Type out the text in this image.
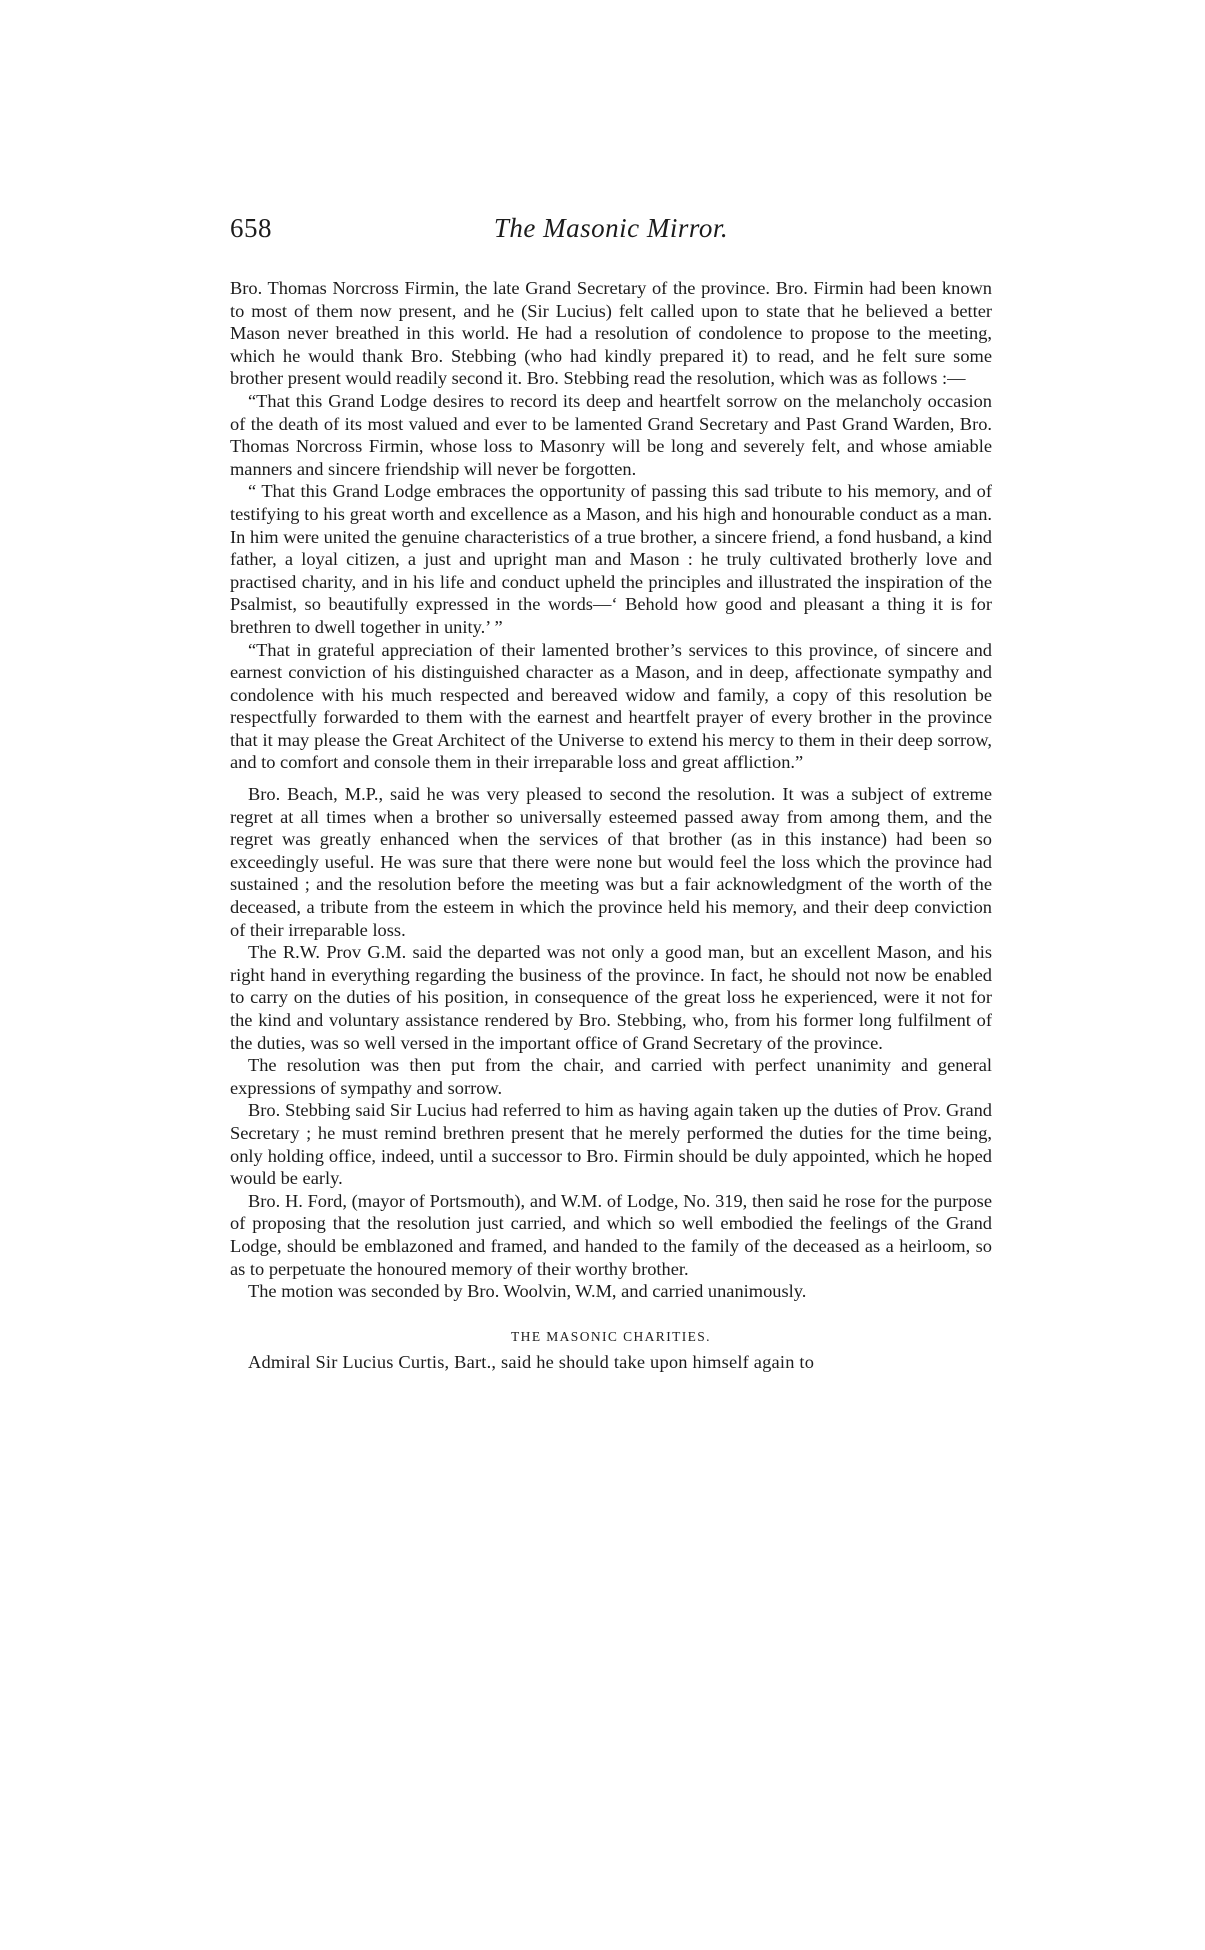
658	The Masonic Mirror.

Bro. Thomas Norcross Firmin, the late Grand Secretary of the province. Bro. Firmin had been known to most of them now present, and he (Sir Lucius) felt called upon to state that he believed a better Mason never breathed in this world. He had a resolution of condolence to propose to the meeting, which he would thank Bro. Stebbing (who had kindly prepared it) to read, and he felt sure some brother present would readily second it. Bro. Stebbing read the resolution, which was as follows :—

“That this Grand Lodge desires to record its deep and heartfelt sorrow on the melancholy occasion of the death of its most valued and ever to be lamented Grand Secretary and Past Grand Warden, Bro. Thomas Norcross Firmin, whose loss to Masonry will be long and severely felt, and whose amiable manners and sincere friendship will never be forgotten.

“ That this Grand Lodge embraces the opportunity of passing this sad tribute to his memory, and of testifying to his great worth and excellence as a Mason, and his high and honourable conduct as a man. In him were united the genuine characteristics of a true brother, a sincere friend, a fond husband, a kind father, a loyal citizen, a just and upright man and Mason : he truly cultivated brotherly love and practised charity, and in his life and conduct upheld the principles and illustrated the inspiration of the Psalmist, so beautifully expressed in the words—‘ Behold how good and pleasant a thing it is for brethren to dwell together in unity.’ ”

“That in grateful appreciation of their lamented brother’s services to this province, of sincere and earnest conviction of his distinguished character as a Mason, and in deep, affectionate sympathy and condolence with his much respected and bereaved widow and family, a copy of this resolution be respectfully forwarded to them with the earnest and heartfelt prayer of every brother in the province that it may please the Great Architect of the Universe to extend his mercy to them in their deep sorrow, and to comfort and console them in their irreparable loss and great affliction.”

Bro. Beach, M.P., said he was very pleased to second the resolution. It was a subject of extreme regret at all times when a brother so universally esteemed passed away from among them, and the regret was greatly enhanced when the services of that brother (as in this instance) had been so exceedingly useful. He was sure that there were none but would feel the loss which the province had sustained ; and the resolution before the meeting was but a fair acknowledgment of the worth of the deceased, a tribute from the esteem in which the province held his memory, and their deep conviction of their irreparable loss.

The R.W. Prov G.M. said the departed was not only a good man, but an excellent Mason, and his right hand in everything regarding the business of the province. In fact, he should not now be enabled to carry on the duties of his position, in consequence of the great loss he experienced, were it not for the kind and voluntary assistance rendered by Bro. Stebbing, who, from his former long fulfilment of the duties, was so well versed in the important office of Grand Secretary of the province.

The resolution was then put from the chair, and carried with perfect unanimity and general expressions of sympathy and sorrow.

Bro. Stebbing said Sir Lucius had referred to him as having again taken up the duties of Prov. Grand Secretary ; he must remind brethren present that he merely performed the duties for the time being, only holding office, indeed, until a successor to Bro. Firmin should be duly appointed, which he hoped would be early.

Bro. H. Ford, (mayor of Portsmouth), and W.M. of Lodge, No. 319, then said he rose for the purpose of proposing that the resolution just carried, and which so well embodied the feelings of the Grand Lodge, should be emblazoned and framed, and handed to the family of the deceased as a heirloom, so as to perpetuate the honoured memory of their worthy brother.

The motion was seconded by Bro. Woolvin, W.M, and carried unanimously.

THE MASONIC CHARITIES.

Admiral Sir Lucius Curtis, Bart., said he should take upon himself again to
